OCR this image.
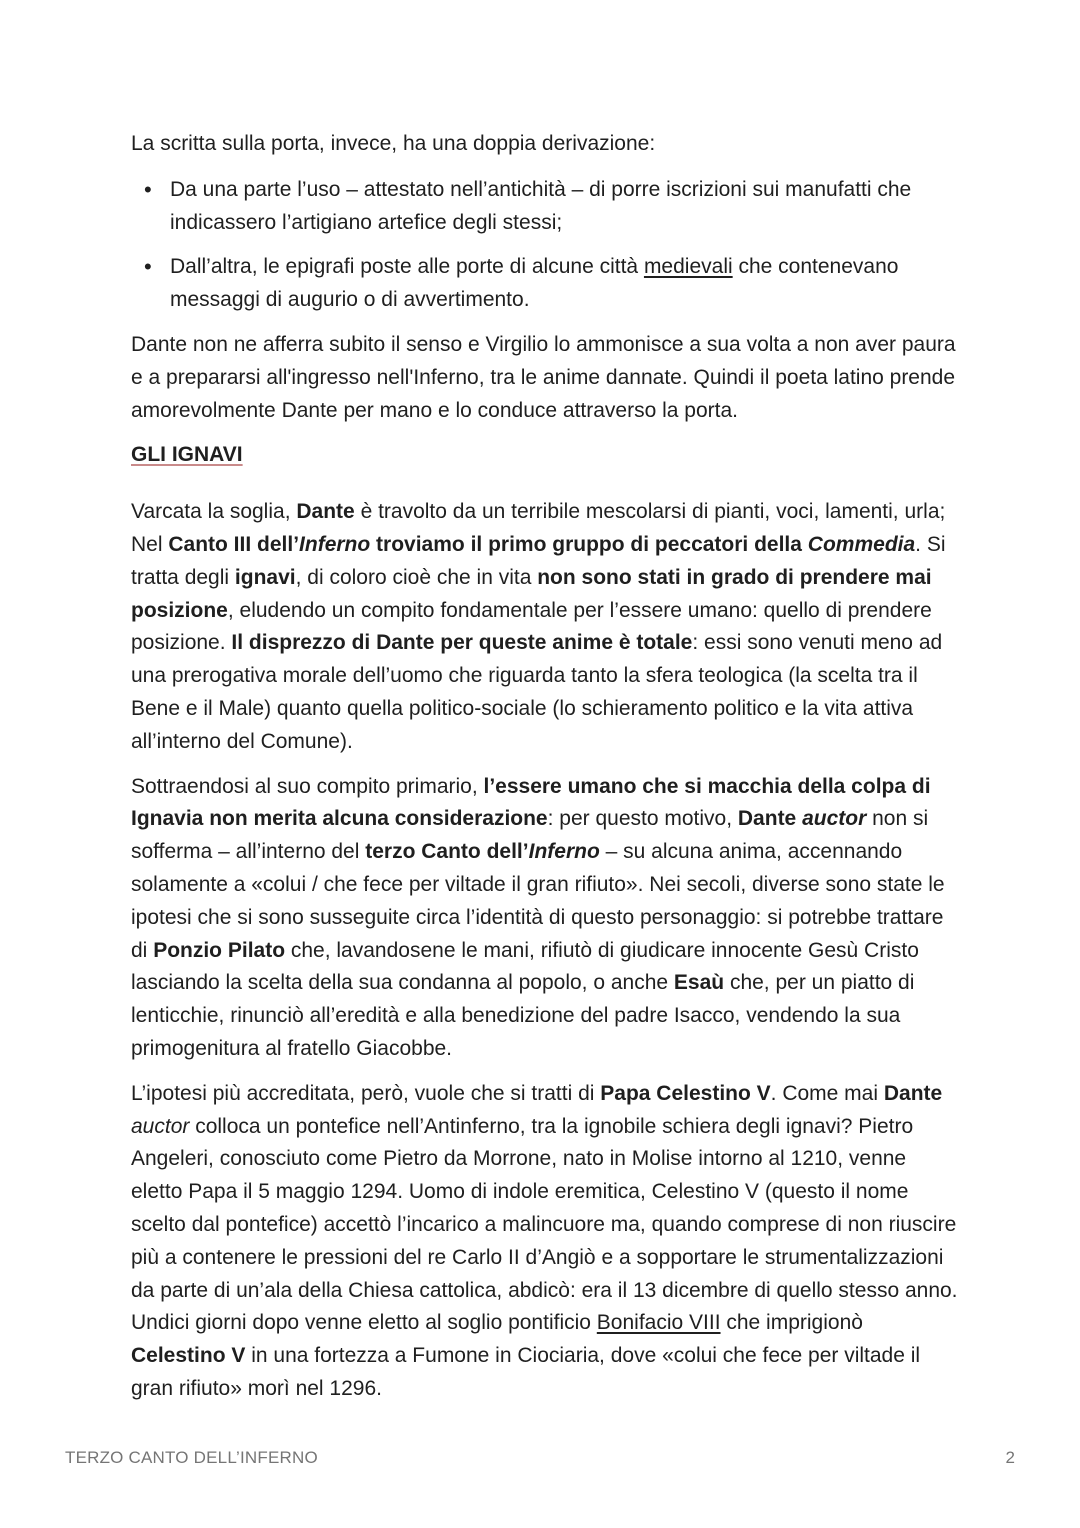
La scritta sulla porta, invece, ha una doppia derivazione:

• Da una parte l’uso – attestato nell’antichità – di porre iscrizioni sui manufatti che indicassero l’artigiano artefice degli stessi;
• Dall’altra, le epigrafi poste alle porte di alcune città medievali che contenevano messaggi di augurio o di avvertimento.

Dante non ne afferra subito il senso e Virgilio lo ammonisce a sua volta a non aver paura e a prepararsi all'ingresso nell'Inferno, tra le anime dannate. Quindi il poeta latino prende amorevolmente Dante per mano e lo conduce attraverso la porta.

GLI IGNAVI

Varcata la soglia, Dante è travolto da un terribile mescolarsi di pianti, voci, lamenti, urla; Nel Canto III dell’Inferno troviamo il primo gruppo di peccatori della Commedia. Si tratta degli ignavi, di coloro cioè che in vita non sono stati in grado di prendere mai posizione, eludendo un compito fondamentale per l’essere umano: quello di prendere posizione. Il disprezzo di Dante per queste anime è totale: essi sono venuti meno ad una prerogativa morale dell’uomo che riguarda tanto la sfera teologica (la scelta tra il Bene e il Male) quanto quella politico-sociale (lo schieramento politico e la vita attiva all’interno del Comune).

Sottraendosi al suo compito primario, l’essere umano che si macchia della colpa di Ignavia non merita alcuna considerazione: per questo motivo, Dante auctor non si sofferma – all’interno del terzo Canto dell’Inferno – su alcuna anima, accennando solamente a «colui / che fece per viltade il gran rifiuto». Nei secoli, diverse sono state le ipotesi che si sono susseguite circa l’identità di questo personaggio: si potrebbe trattare di Ponzio Pilato che, lavandosene le mani, rifiutò di giudicare innocente Gesù Cristo lasciando la scelta della sua condanna al popolo, o anche Esaù che, per un piatto di lenticchie, rinunciò all’eredità e alla benedizione del padre Isacco, vendendo la sua primogenitura al fratello Giacobbe.

L’ipotesi più accreditata, però, vuole che si tratti di Papa Celestino V. Come mai Dante auctor colloca un pontefice nell’Antinferno, tra la ignobile schiera degli ignavi? Pietro Angeleri, conosciuto come Pietro da Morrone, nato in Molise intorno al 1210, venne eletto Papa il 5 maggio 1294. Uomo di indole eremitica, Celestino V (questo il nome scelto dal pontefice) accettò l’incarico a malincuore ma, quando comprese di non riuscire più a contenere le pressioni del re Carlo II d’Angiò e a sopportare le strumentalizzazioni da parte di un’ala della Chiesa cattolica, abdicò: era il 13 dicembre di quello stesso anno. Undici giorni dopo venne eletto al soglio pontificio Bonifacio VIII che imprigionò Celestino V in una fortezza a Fumone in Ciociaria, dove «colui che fece per viltade il gran rifiuto» morì nel 1296.

TERZO CANTO DELL’INFERNO	2
